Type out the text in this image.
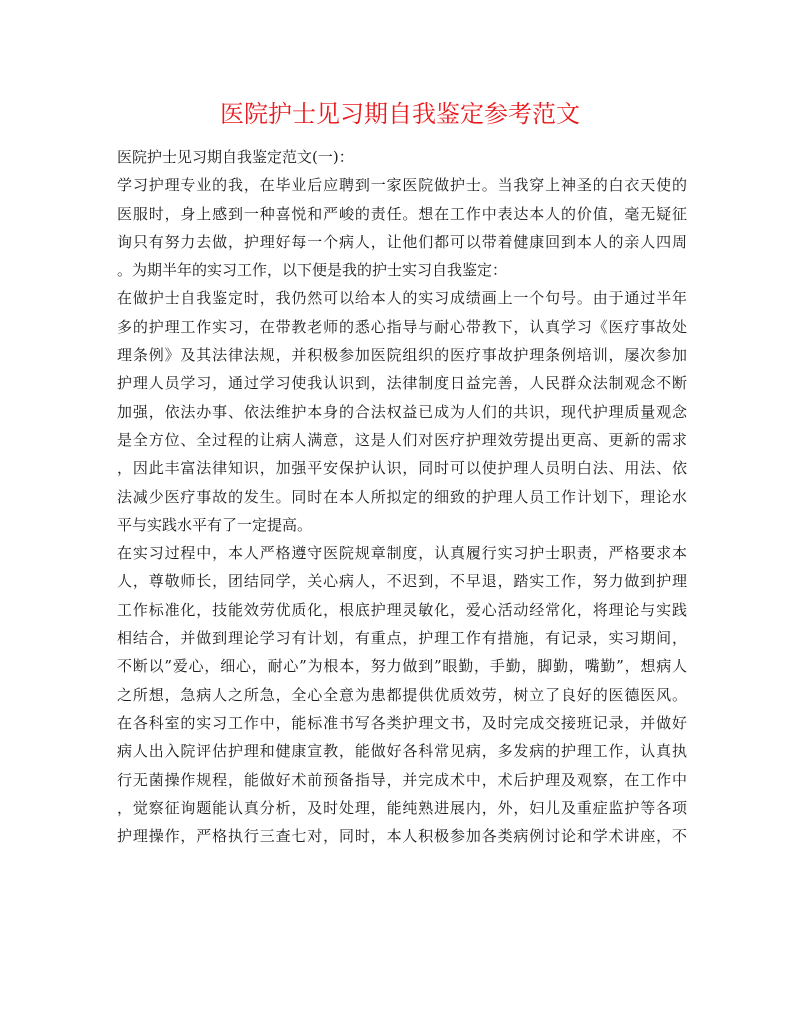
医院护士见习期自我鉴定参考范文
医院护士见习期自我鉴定范文(一)：
学习护理专业的我，在毕业后应聘到一家医院做护士。当我穿上神圣的白衣天使的
医服时，身上感到一种喜悦和严峻的责任。想在工作中表达本人的价值，毫无疑征
询只有努力去做，护理好每一个病人，让他们都可以带着健康回到本人的亲人四周
。为期半年的实习工作，以下便是我的护士实习自我鉴定：
在做护士自我鉴定时，我仍然可以给本人的实习成绩画上一个句号。由于通过半年
多的护理工作实习，在带教老师的悉心指导与耐心带教下，认真学习《医疗事故处
理条例》及其法律法规，并积极参加医院组织的医疗事故护理条例培训，屡次参加
护理人员学习，通过学习使我认识到，法律制度日益完善，人民群众法制观念不断
加强，依法办事、依法维护本身的合法权益已成为人们的共识，现代护理质量观念
是全方位、全过程的让病人满意，这是人们对医疗护理效劳提出更高、更新的需求
，因此丰富法律知识，加强平安保护认识，同时可以使护理人员明白法、用法、依
法减少医疗事故的发生。同时在本人所拟定的细致的护理人员工作计划下，理论水
平与实践水平有了一定提高。
在实习过程中，本人严格遵守医院规章制度，认真履行实习护士职责，严格要求本
人，尊敬师长，团结同学，关心病人，不迟到，不早退，踏实工作，努力做到护理
工作标准化，技能效劳优质化，根底护理灵敏化，爱心活动经常化，将理论与实践
相结合，并做到理论学习有计划，有重点，护理工作有措施，有记录，实习期间，
不断以”爱心，细心，耐心”为根本，努力做到”眼勤，手勤，脚勤，嘴勤”，想病人
之所想，急病人之所急，全心全意为患都提供优质效劳，树立了良好的医德医风。
在各科室的实习工作中，能标准书写各类护理文书，及时完成交接班记录，并做好
病人出入院评估护理和健康宣教，能做好各科常见病，多发病的护理工作，认真执
行无菌操作规程，能做好术前预备指导，并完成术中，术后护理及观察，在工作中
，觉察征询题能认真分析，及时处理，能纯熟进展内，外，妇儿及重症监护等各项
护理操作，严格执行三查七对，同时，本人积极参加各类病例讨论和学术讲座，不
